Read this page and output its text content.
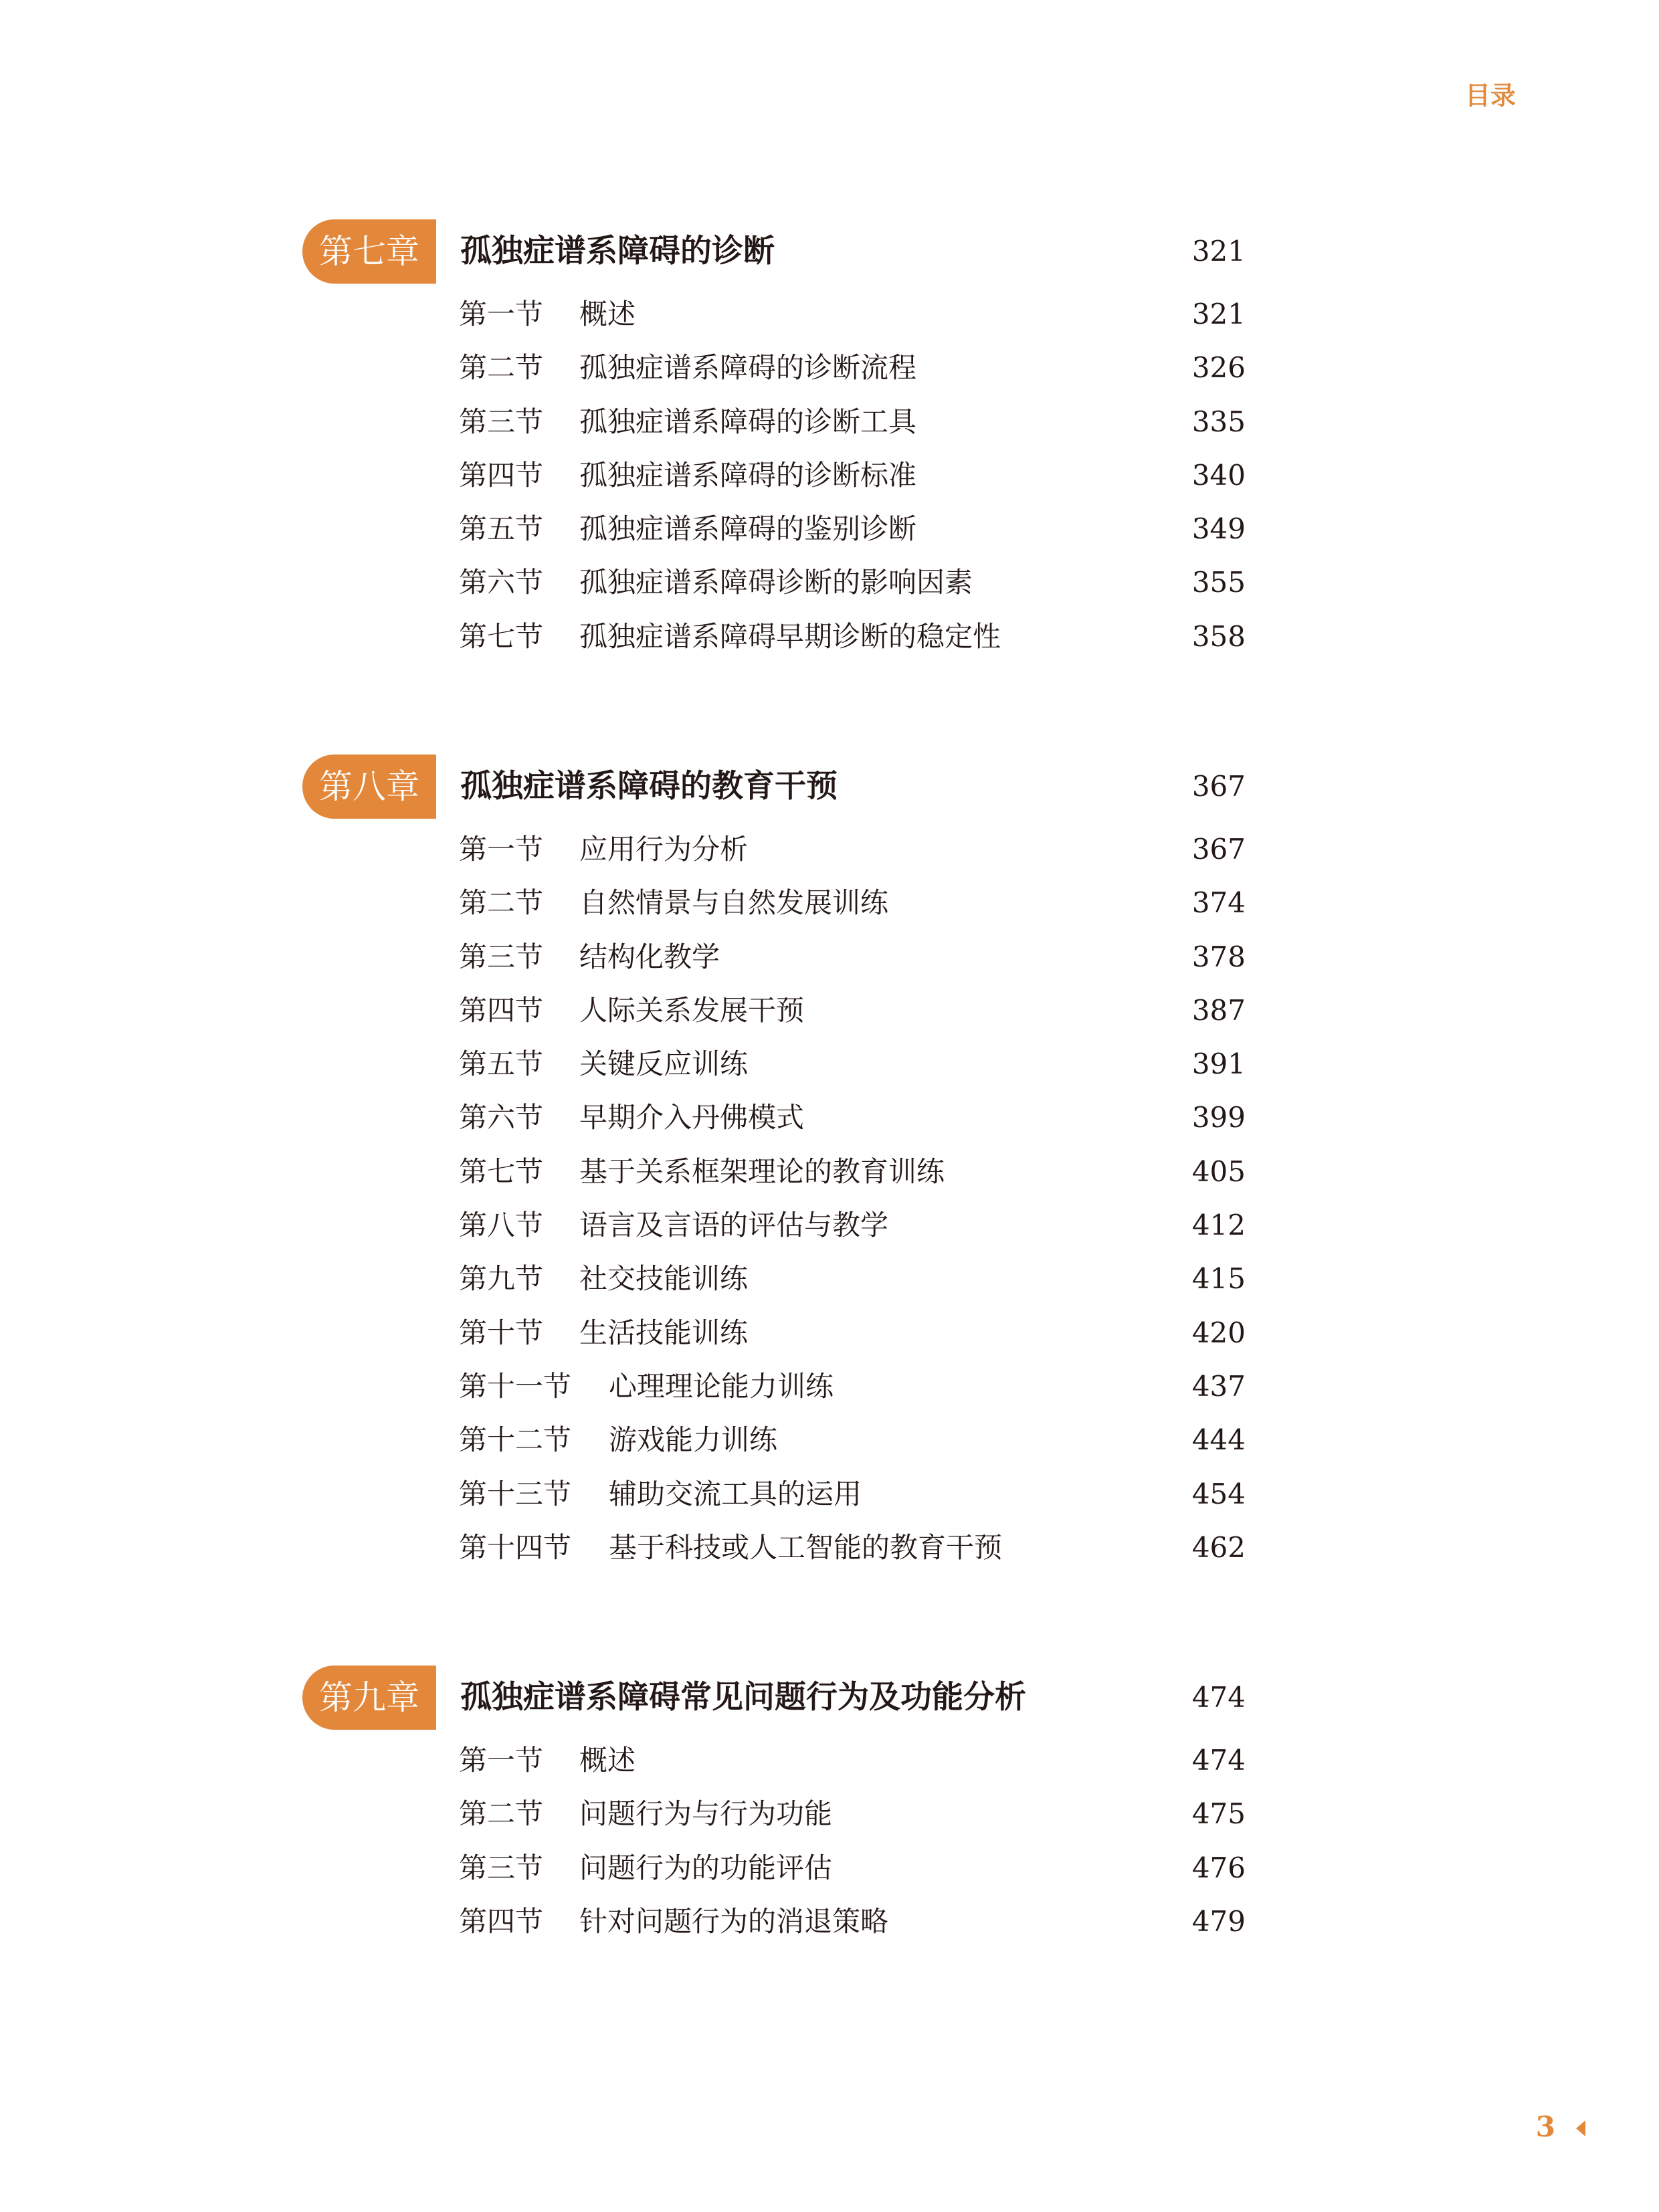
目录
第七章	孤独症谱系障碍的诊断	321
第一节 概述	321
第二节 孤独症谱系障碍的诊断流程	326
第三节 孤独症谱系障碍的诊断工具	335
第四节 孤独症谱系障碍的诊断标准	340
第五节 孤独症谱系障碍的鉴别诊断	349
第六节 孤独症谱系障碍诊断的影响因素	355
第七节 孤独症谱系障碍早期诊断的稳定性	358
第八章	孤独症谱系障碍的教育干预	367
第一节 应用行为分析	367
第二节 自然情景与自然发展训练	374
第三节 结构化教学	378
第四节 人际关系发展干预	387
第五节 关键反应训练	391
第六节 早期介入丹佛模式	399
第七节 基于关系框架理论的教育训练	405
第八节 语言及言语的评估与教学	412
第九节 社交技能训练	415
第十节 生活技能训练	420
第十一节 心理理论能力训练	437
第十二节 游戏能力训练	444
第十三节 辅助交流工具的运用	454
第十四节 基于科技或人工智能的教育干预	462
第九章	孤独症谱系障碍常见问题行为及功能分析	474
第一节 概述	474
第二节 问题行为与行为功能	475
第三节 问题行为的功能评估	476
第四节 针对问题行为的消退策略	479
3
